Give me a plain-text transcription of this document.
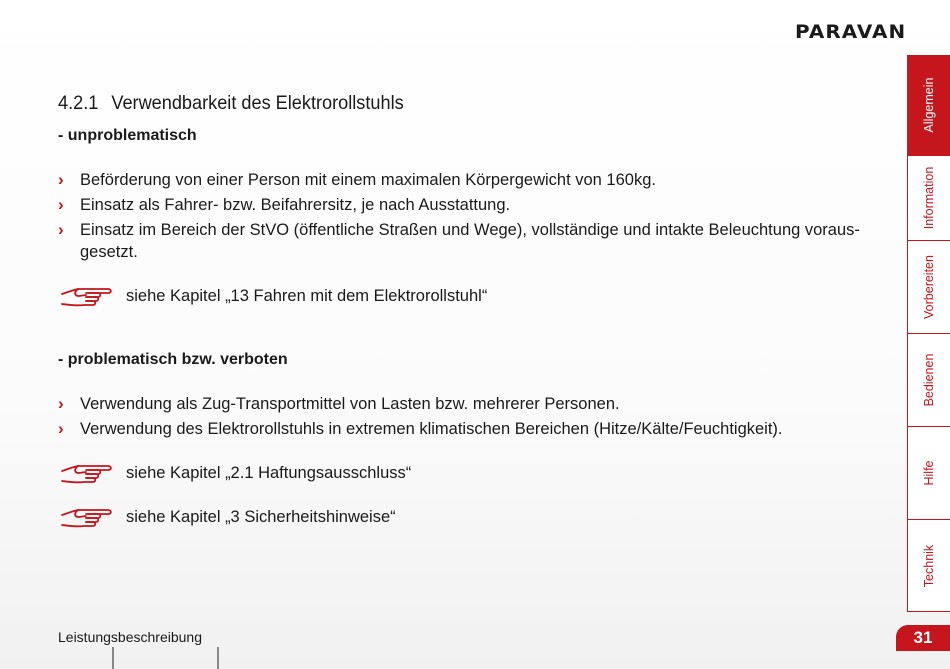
PARAVAN
4.2.1 Verwendbarkeit des Elektrorollstuhls
- unproblematisch
› Beförderung von einer Person mit einem maximalen Körpergewicht von 160kg.
› Einsatz als Fahrer- bzw. Beifahrersitz, je nach Ausstattung.
› Einsatz im Bereich der StVO (öffentliche Straßen und Wege), vollständige und intakte Beleuchtung voraus-gesetzt.
siehe Kapitel „13 Fahren mit dem Elektrorollstuhl“
- problematisch bzw. verboten
› Verwendung als Zug-Transportmittel von Lasten bzw. mehrerer Personen.
› Verwendung des Elektrorollstuhls in extremen klimatischen Bereichen (Hitze/Kälte/Feuchtigkeit).
siehe Kapitel „2.1 Haftungsausschluss“
siehe Kapitel „3 Sicherheitshinweise“
Allgemein
Information
Vorbereiten
Bedienen
Hilfe
Technik
Leistungsbeschreibung	31
